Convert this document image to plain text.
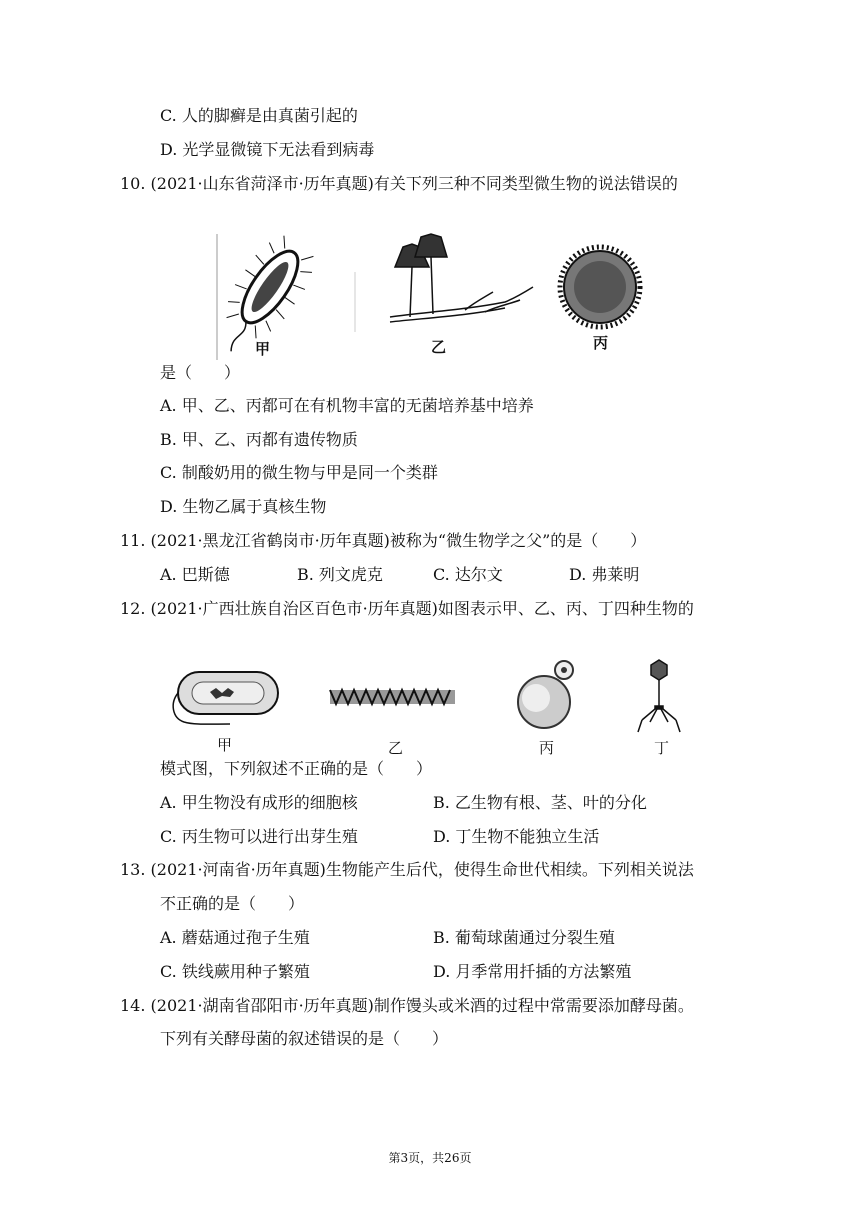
C. 人的脚癣是由真菌引起的
D. 光学显微镜下无法看到病毒
10. (2021·山东省菏泽市·历年真题)有关下列三种不同类型微生物的说法错误的
甲	乙	丙
是（　　）
A. 甲、乙、丙都可在有机物丰富的无菌培养基中培养
B. 甲、乙、丙都有遗传物质
C. 制酸奶用的微生物与甲是同一个类群
D. 生物乙属于真核生物
11. (2021·黑龙江省鹤岗市·历年真题)被称为“微生物学之父”的是（　　）
A. 巴斯德	B. 列文虎克	C. 达尔文	D. 弗莱明
12. (2021·广西壮族自治区百色市·历年真题)如图表示甲、乙、丙、丁四种生物的
甲	乙	丙	丁
模式图，下列叙述不正确的是（　　）
A. 甲生物没有成形的细胞核	B. 乙生物有根、茎、叶的分化
C. 丙生物可以进行出芽生殖	D. 丁生物不能独立生活
13. (2021·河南省·历年真题)生物能产生后代，使得生命世代相续。下列相关说法
不正确的是（　　）
A. 蘑菇通过孢子生殖	B. 葡萄球菌通过分裂生殖
C. 铁线蕨用种子繁殖	D. 月季常用扦插的方法繁殖
14. (2021·湖南省邵阳市·历年真题)制作馒头或米酒的过程中常需要添加酵母菌。
下列有关酵母菌的叙述错误的是（　　）
第3页，共26页
